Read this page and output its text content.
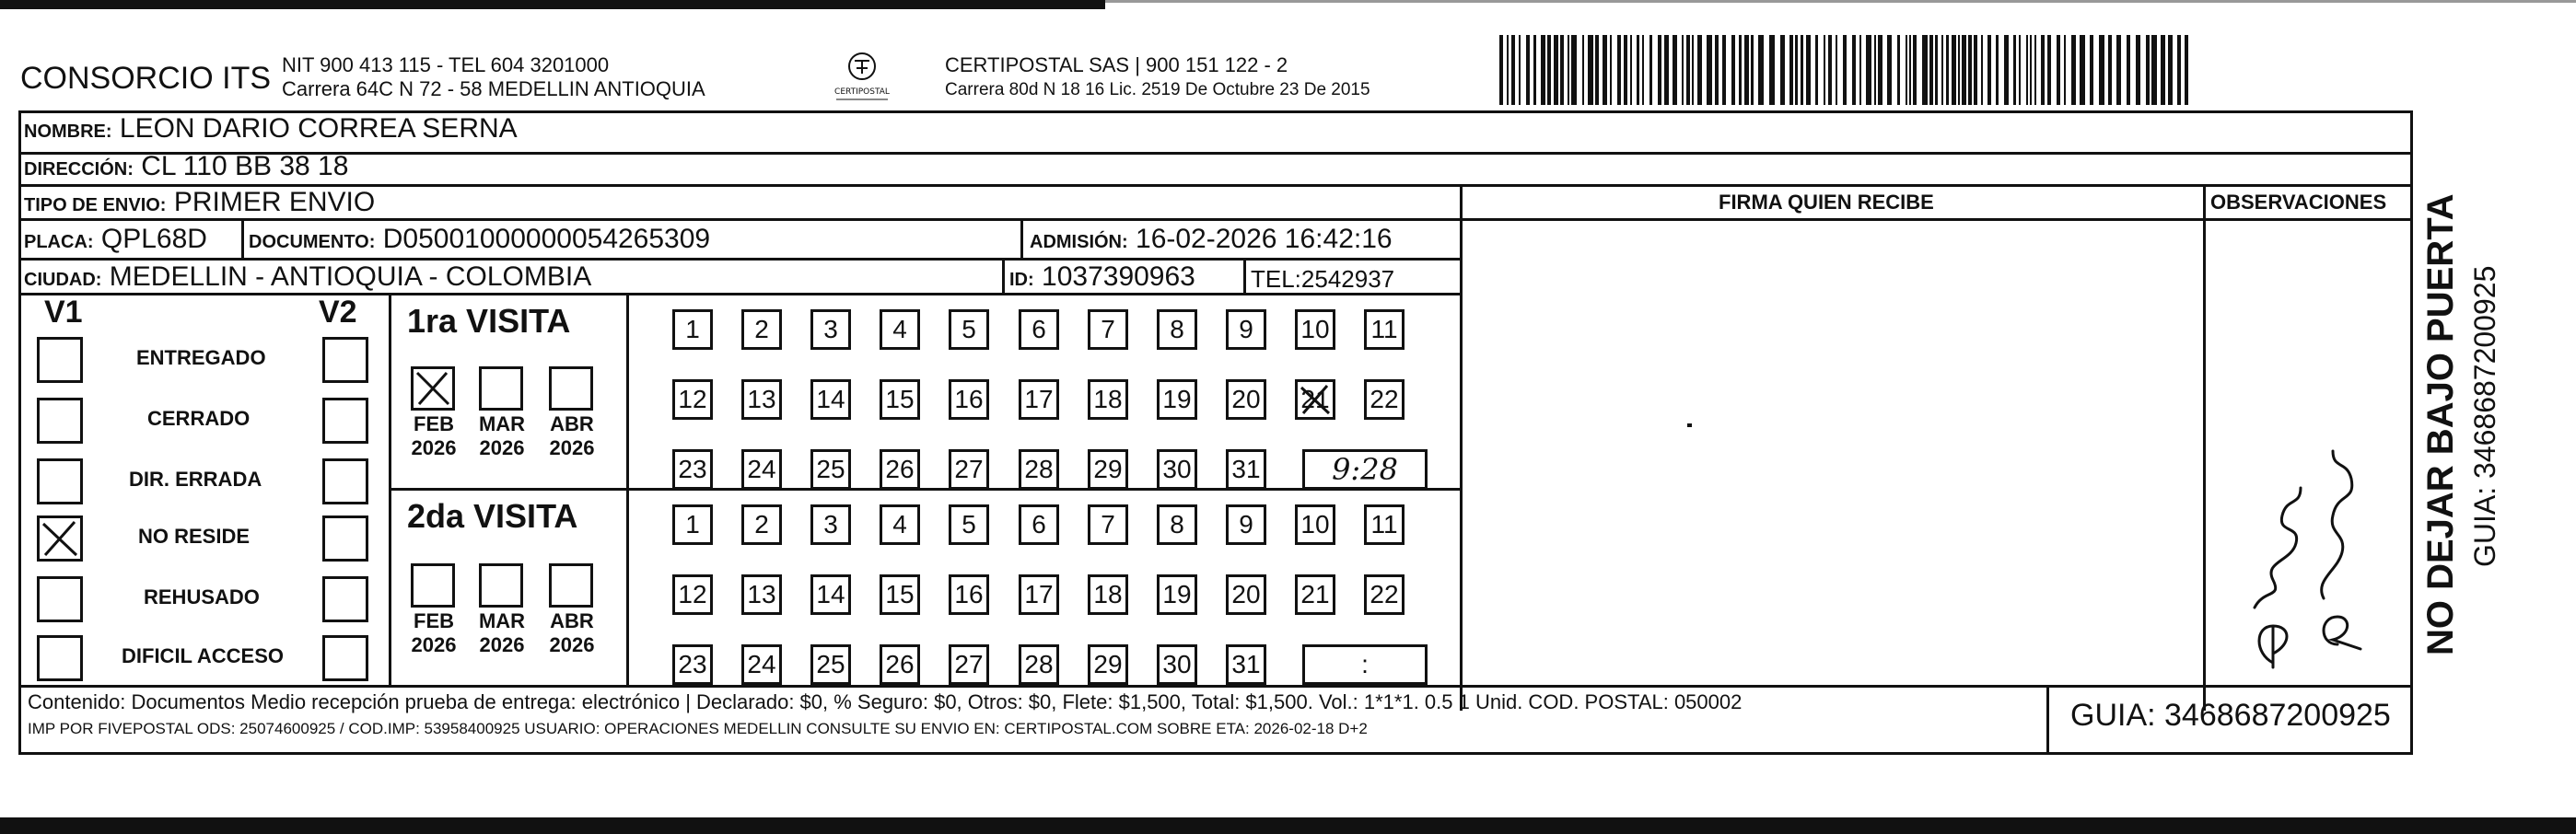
CONSORCIO ITS NIT 900 413 115 - TEL 604 3201000
Carrera 64C N 72 - 58 MEDELLIN ANTIOQUIA	CERTIPOSTAL
CERTIPOSTAL SAS | 900 151 122 - 2
Carrera 80d N 18 16 Lic. 2519 De Octubre 23 De 2015
NOMBRE: LEON DARIO CORREA SERNA
DIRECCIÓN: CL 110 BB 38 18
TIPO DE ENVIO: PRIMER ENVIO
PLACA: QPL68D DOCUMENTO: D05001000000054265309	ADMISIÓN: 16-02-2026 16:42:16
CIUDAD: MEDELLIN - ANTIOQUIA - COLOMBIA	ID: 1037390963 TEL:2542937
FIRMA QUIEN RECIBE	OBSERVACIONES
V1	V2
ENTREGADO
CERRADO
DIR. ERRADA
NO RESIDE
REHUSADO
DIFICIL ACCESO
1ra VISITA
2da VISITA
FEB
2026
MAR
2026
ABR
2026
FEB
2026
MAR
2026
ABR
2026
1	2	3	4	5	6	7	8	9	10 11
12 13 14 15 16 17 18 19 20 21 22
23 24 25 26 27 28 29 30 31	9:28
1	2	3	4	5	6	7	8	9	10 11
12 13 14 15 16 17 18 19 20 21 22
23 24 25 26 27 28 29 30 31	:
Contenido: Documentos Medio recepción prueba de entrega: electrónico | Declarado: $0, % Seguro: $0, Otros: $0, Flete: $1,500, Total: $1,500. Vol.: 1*1*1. 0.5 1 Unid. COD. POSTAL: 050002
IMP POR FIVEPOSTAL ODS: 25074600925 / COD.IMP: 53958400925 USUARIO: OPERACIONES MEDELLIN CONSULTE SU ENVIO EN: CERTIPOSTAL.COM SOBRE ETA: 2026-02-18 D+2	GUIA: 3468687200925
NO DEJAR BAJO PUERTA GUIA: 3468687200925
